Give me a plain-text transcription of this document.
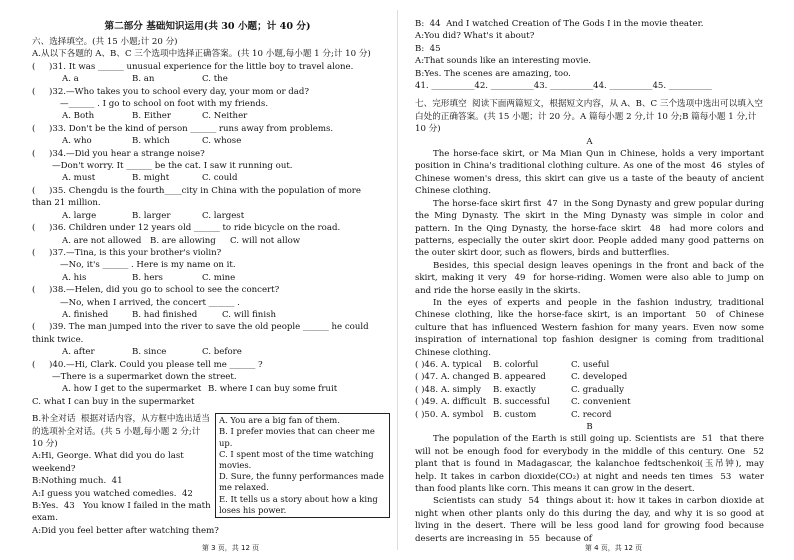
第二部分 基础知识运用(共 30 小题；计 40 分)

六、选择填空。(共 15 小题;计 20 分)

A.从以下各题的 A、B、C 三个选项中选择正确答案。(共 10 小题,每小题 1 分;计 10 分)

(     )31. It was ______ unusual experience for the little boy to travel alone.

A. a	B. an	C. the

(     )32.—Who takes you to school every day, your mom or dad?

—______ . I go to school on foot with my friends.

A. Both	B. Either	C. Neither

(     )33. Don't be the kind of person ______ runs away from problems.

A. who	B. which	C. whose

(     )34.—Did you hear a strange noise?

—Don't worry. It ______ be the cat. I saw it running out.

A. must	B. might	C. could

(     )35. Chengdu is the fourth____city in China with the population of more than 21 million.

A. large	B. larger	C. largest

(     )36. Children under 12 years old ______ to ride bicycle on the road.

A. are not allowed	B. are allowing	C. will not allow

(     )37.—Tina, is this your brother's violin?

—No, it's ______ . Here is my name on it.

A. his	B. hers	C. mine

(     )38.—Helen, did you go to school to see the concert?

—No, when I arrived, the concert ______ .

A. finished	B. had finished	C. will finish

(     )39. The man jumped into the river to save the old people ______ he could think twice.

A. after	B. since	C. before

(     )40.—Hi, Clark. Could you please tell me ______ ?

—There is a supermarket down the street.

A. how I get to the supermarket B. where I can buy some fruit
C. what I can buy in the supermarket

B.补全对话  根据对话内容，从方框中选出适当的选项补全对话。(共 5 小题,每小题 2 分;计 10 分)

A. You are a big fan of them.

B. I prefer movies that can cheer me up.

C. I spent most of the time watching movies.

D. Sure, the funny performances made me relaxed.

E. It tells us a story about how a king loses his power.

A:Hi, George. What did you do last weekend?

B:Nothing much.  41

A:I guess you watched comedies.  42

B:Yes.  43   You know I failed in the math exam.

A:Did you feel better after watching them?

第 3 页，共 12 页

B:  44  And I watched Creation of The Gods I in the movie theater.

A:You did? What's it about?

B:  45

A:That sounds like an interesting movie.

B:Yes. The scenes are amazing, too.

41. __________42. __________43. __________44. __________45. __________

七、完形填空  阅读下面两篇短文，根据短文内容，从 A、B、C 三个选项中选出可以填入空白处的正确答案。(共 15 小题；计 20 分。A 篇每小题 2 分,计 10 分;B 篇每小题 1 分,计 10 分)

A

The horse-face skirt, or Ma Mian Qun in Chinese, holds a very important position in China's traditional clothing culture. As one of the most  46  styles of Chinese women's dress, this skirt can give us a taste of the beauty of ancient Chinese clothing.

The horse-face skirt first  47  in the Song Dynasty and grew popular during the Ming Dynasty. The skirt in the Ming Dynasty was simple in color and pattern. In the Qing Dynasty, the horse-face skirt  48  had more colors and patterns, especially the outer skirt door. People added many good patterns on the outer skirt door, such as flowers, birds and butterflies.

Besides, this special design leaves openings in the front and back of the skirt, making it very  49  for horse-riding. Women were also able to jump on and ride the horse easily in the skirts.

In the eyes of experts and people in the fashion industry, traditional Chinese clothing, like the horse-face skirt, is an important  50  of Chinese culture that has influenced Western fashion for many years. Even now some inspiration of international top fashion designer is coming from traditional Chinese clothing.

( )46. A. typical	B. colorful	C. useful
( )47. A. changed B. appeared	C. developed
( )48. A. simply	B. exactly	C. gradually
( )49. A. difficult B. successful	C. convenient
( )50. A. symbol	B. custom	C. record

B

The population of the Earth is still going up. Scientists are  51  that there will not be enough food for everybody in the middle of this century. One  52  plant that is found in Madagascar, the kalanchoe fedtschenkoi(玉吊钟), may help. It takes in carbon dioxide(CO₂) at night and needs ten times  53  water than food plants like corn. This means it can grow in the desert.

Scientists can study  54  things about it: how it takes in carbon dioxide at night when other plants only do this during the day, and why it is so good at living in the desert. There will be less good land for growing food because deserts are increasing in  55  because of

第 4 页，共 12 页
